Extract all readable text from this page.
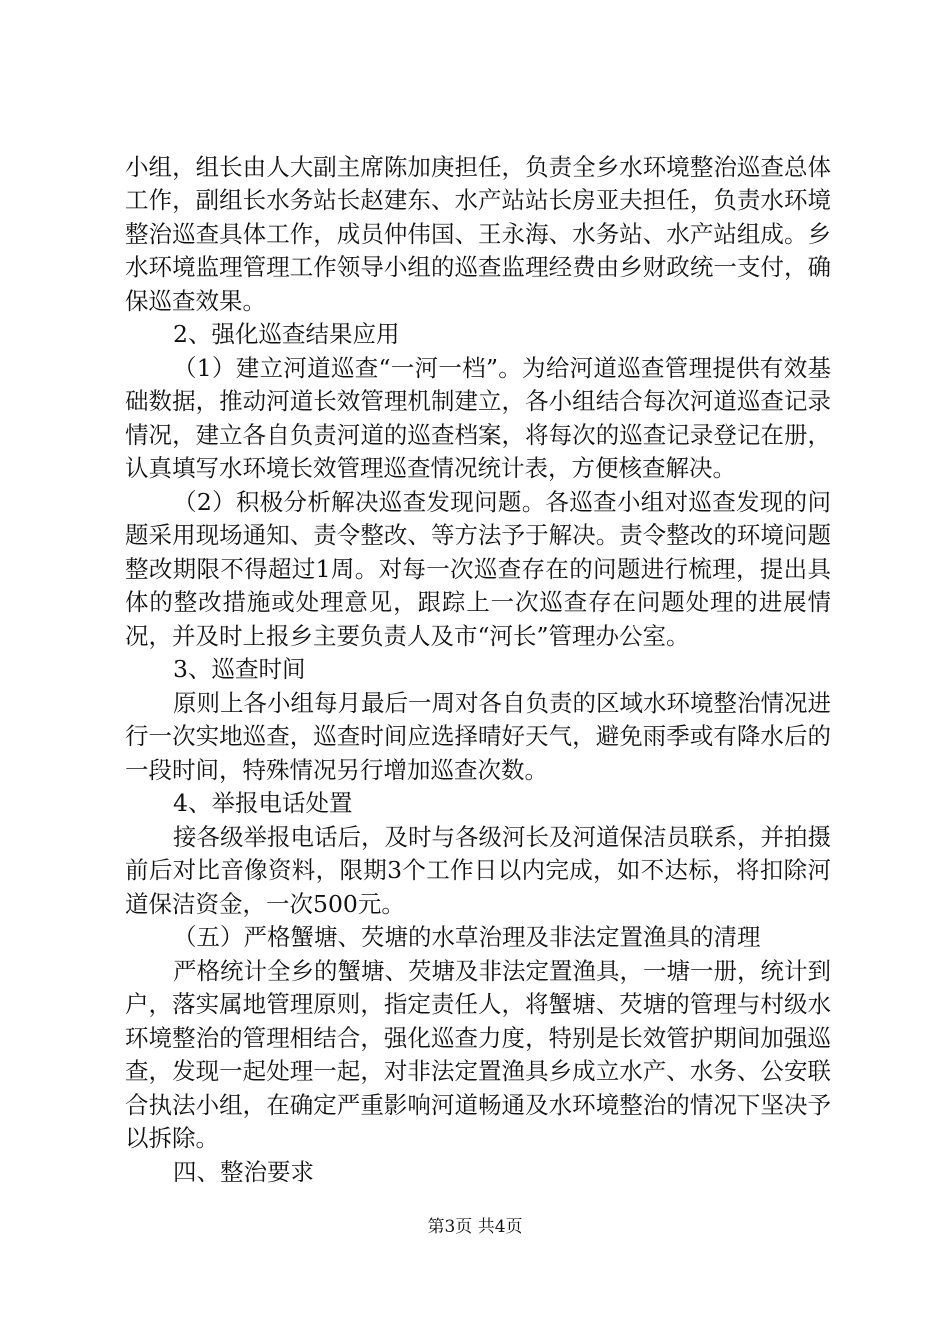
小组，组长由人大副主席陈加庚担任，负责全乡水环境整治巡查总体工作，副组长水务站长赵建东、水产站站长房亚夫担任，负责水环境整治巡查具体工作，成员仲伟国、王永海、水务站、水产站组成。乡水环境监理管理工作领导小组的巡查监理经费由乡财政统一支付，确保巡查效果。

2、强化巡查结果应用

（1）建立河道巡查“一河一档”。为给河道巡查管理提供有效基础数据，推动河道长效管理机制建立，各小组结合每次河道巡查记录情况，建立各自负责河道的巡查档案，将每次的巡查记录登记在册，认真填写水环境长效管理巡查情况统计表，方便核查解决。

（2）积极分析解决巡查发现问题。各巡查小组对巡查发现的问题采用现场通知、责令整改、等方法予于解决。责令整改的环境问题整改期限不得超过1周。对每一次巡查存在的问题进行梳理，提出具体的整改措施或处理意见，跟踪上一次巡查存在问题处理的进展情况，并及时上报乡主要负责人及市“河长”管理办公室。

3、巡查时间

原则上各小组每月最后一周对各自负责的区域水环境整治情况进行一次实地巡查，巡查时间应选择晴好天气，避免雨季或有降水后的一段时间，特殊情况另行增加巡查次数。

4、举报电话处置

接各级举报电话后，及时与各级河长及河道保洁员联系，并拍摄前后对比音像资料，限期3个工作日以内完成，如不达标，将扣除河道保洁资金，一次500元。

（五）严格蟹塘、芡塘的水草治理及非法定置渔具的清理

严格统计全乡的蟹塘、芡塘及非法定置渔具，一塘一册，统计到户，落实属地管理原则，指定责任人，将蟹塘、芡塘的管理与村级水环境整治的管理相结合，强化巡查力度，特别是长效管护期间加强巡查，发现一起处理一起，对非法定置渔具乡成立水产、水务、公安联合执法小组，在确定严重影响河道畅通及水环境整治的情况下坚决予以拆除。

四、整治要求

第3页 共4页
